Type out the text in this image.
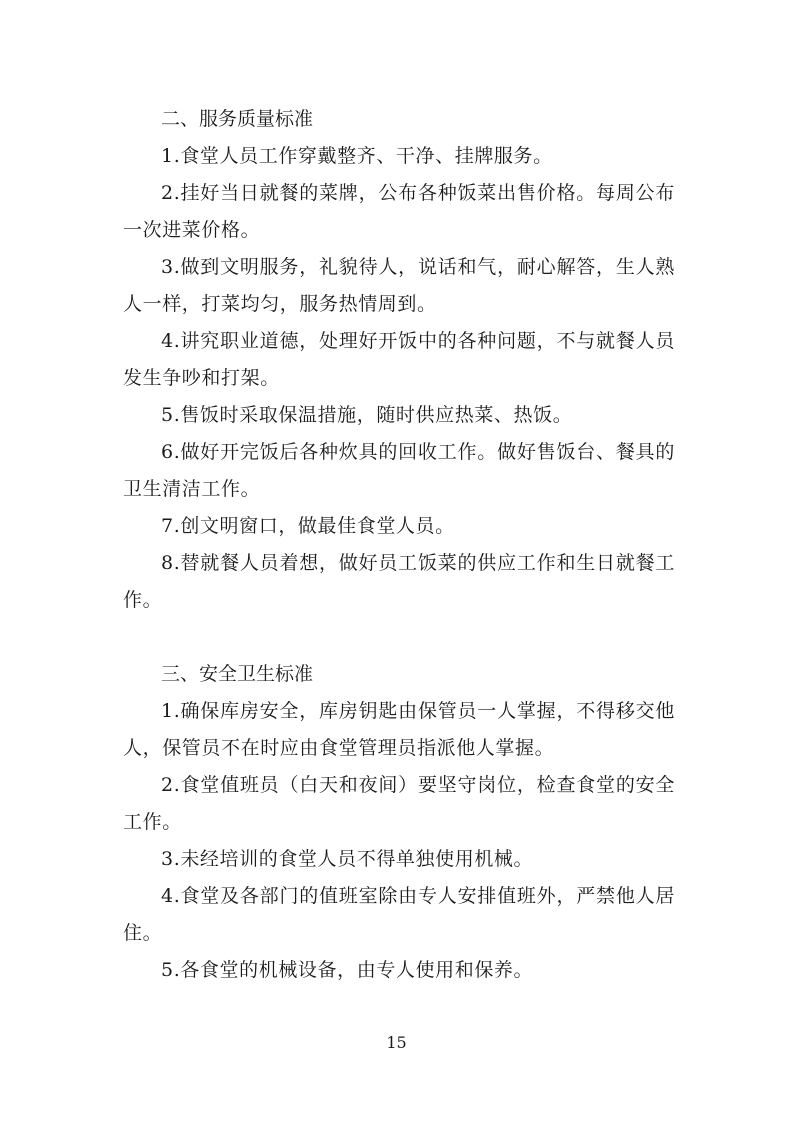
二、服务质量标准

1.食堂人员工作穿戴整齐、干净、挂牌服务。

2.挂好当日就餐的菜牌，公布各种饭菜出售价格。每周公布一次进菜价格。

3.做到文明服务，礼貌待人，说话和气，耐心解答，生人熟人一样，打菜均匀，服务热情周到。

4.讲究职业道德，处理好开饭中的各种问题，不与就餐人员发生争吵和打架。

5.售饭时采取保温措施，随时供应热菜、热饭。

6.做好开完饭后各种炊具的回收工作。做好售饭台、餐具的卫生清洁工作。

7.创文明窗口，做最佳食堂人员。

8.替就餐人员着想，做好员工饭菜的供应工作和生日就餐工作。

三、安全卫生标准

1.确保库房安全，库房钥匙由保管员一人掌握，不得移交他人，保管员不在时应由食堂管理员指派他人掌握。

2.食堂值班员（白天和夜间）要坚守岗位，检查食堂的安全工作。

3.未经培训的食堂人员不得单独使用机械。

4.食堂及各部门的值班室除由专人安排值班外，严禁他人居住。

5.各食堂的机械设备，由专人使用和保养。

15
